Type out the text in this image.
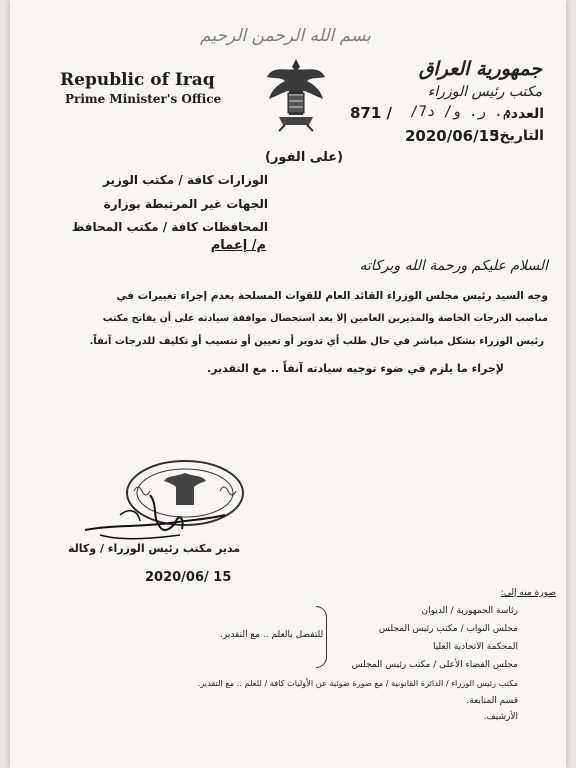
بسم الله الرحمن الرحيم
Republic of Iraq
Prime Minister's Office
جمهورية العراق
مكتب رئيس الوزراء
العدد:
م. ر. و/ د7/
871 /
التاريخ:
2020/06/15
(على الفور)
الوزارات كافة / مكتب الوزير
الجهات غير المرتبطة بوزارة
المحافظات كافة / مكتب المحافظ
م/ إعمام
السلام عليكم ورحمة الله وبركاته
وجه السيد رئيس مجلس الوزراء القائد العام للقوات المسلحة بعدم إجراء تغييرات في
مناصب الدرجات الخاصة والمديرين العامين إلا بعد استحصال موافقة سيادته على أن يفاتح مكتب
رئيس الوزراء بشكل مباشر في حال طلب أي تدوير أو تعيين أو تنسيب أو تكليف للدرجات آنفاً.
لإجراء ما يلزم في ضوء توجيه سيادته آنفاً .. مع التقدير.
مدير مكتب رئيس الوزراء / وكالة
2020/06/ 15
صورة منه إلى:
رئاسة الجمهورية / الديوان
مجلس النواب / مكتب رئيس المجلس
المحكمة الاتحادية العليا
مجلس القضاء الأعلى / مكتب رئيس المجلس
مكتب رئيس الوزراء / الدائرة القانونية / مع صورة ضوئية عن الأوليات كافة / للعلم .. مع التقدير.
قسم المتابعة.
الأرشيف.
للتفضل بالعلم .. مع التقدير.
